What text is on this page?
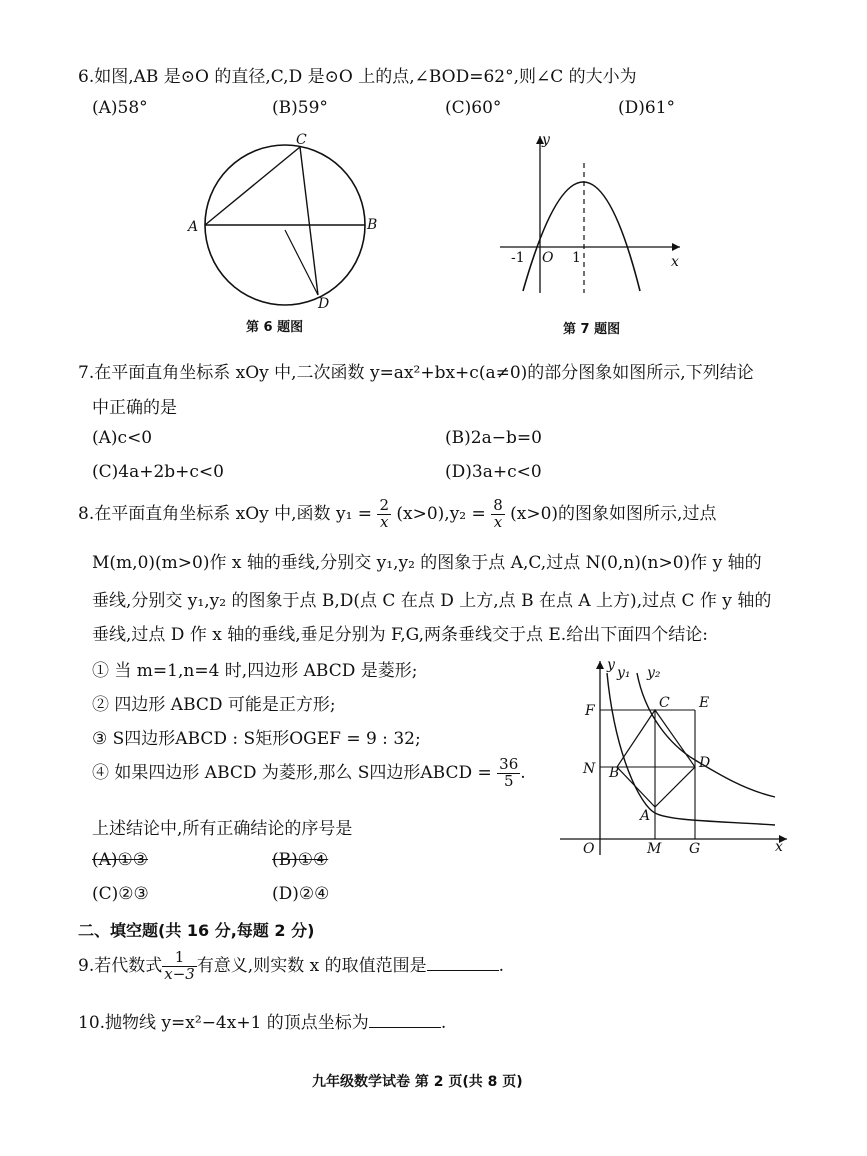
6.如图,AB 是⊙O 的直径,C,D 是⊙O 上的点,∠BOD=62°,则∠C 的大小为
(A)58°	(B)59°	(C)60°	(D)61°
A	B
C
D
第 6 题图
y
x
O
-1	1
第 7 题图
7.在平面直角坐标系 xOy 中,二次函数 y=ax²+bx+c(a≠0)的部分图象如图所示,下列结论
中正确的是
(A)c<0	(B)2a−b=0
(C)4a+2b+c<0	(D)3a+c<0
8.在平面直角坐标系 xOy 中,函数 $y_1 = \frac{2}{x} (x>0),y_2 = \frac{8}{x} (x>0)$的图象如图所示,过点
M(m,0)(m>0)作 x 轴的垂线,分别交 y₁,y₂ 的图象于点 A,C,过点 N(0,n)(n>0)作 y 轴的
垂线,分别交 y₁,y₂ 的图象于点 B,D(点 C 在点 D 上方,点 B 在点 A 上方),过点 C 作 y 轴的
垂线,过点 D 作 x 轴的垂线,垂足分别为 F,G,两条垂线交于点 E.给出下面四个结论:
① 当 m=1,n=4 时,四边形 ABCD 是菱形;
② 四边形 ABCD 可能是正方形;
③ S四边形ABCD : S矩形OGEF = 9 : 32;
④ 如果四边形 ABCD 为菱形,那么 S四边形ABCD = $\frac{36}{5}$ .
上述结论中,所有正确结论的序号是
(A)①③	(B)①④
(C)②③	(D)②④
y
x
y₁ y₂
O	M G
F
N
C E
B
D
A
二、填空题(共 16 分,每题 2 分)
9.若代数式 $\frac{1}{x-3}$ 有意义,则实数 x 的取值范围是	.
10.抛物线 y=x²−4x+1 的顶点坐标为	.
九年级数学试卷 第 2 页(共 8 页)
